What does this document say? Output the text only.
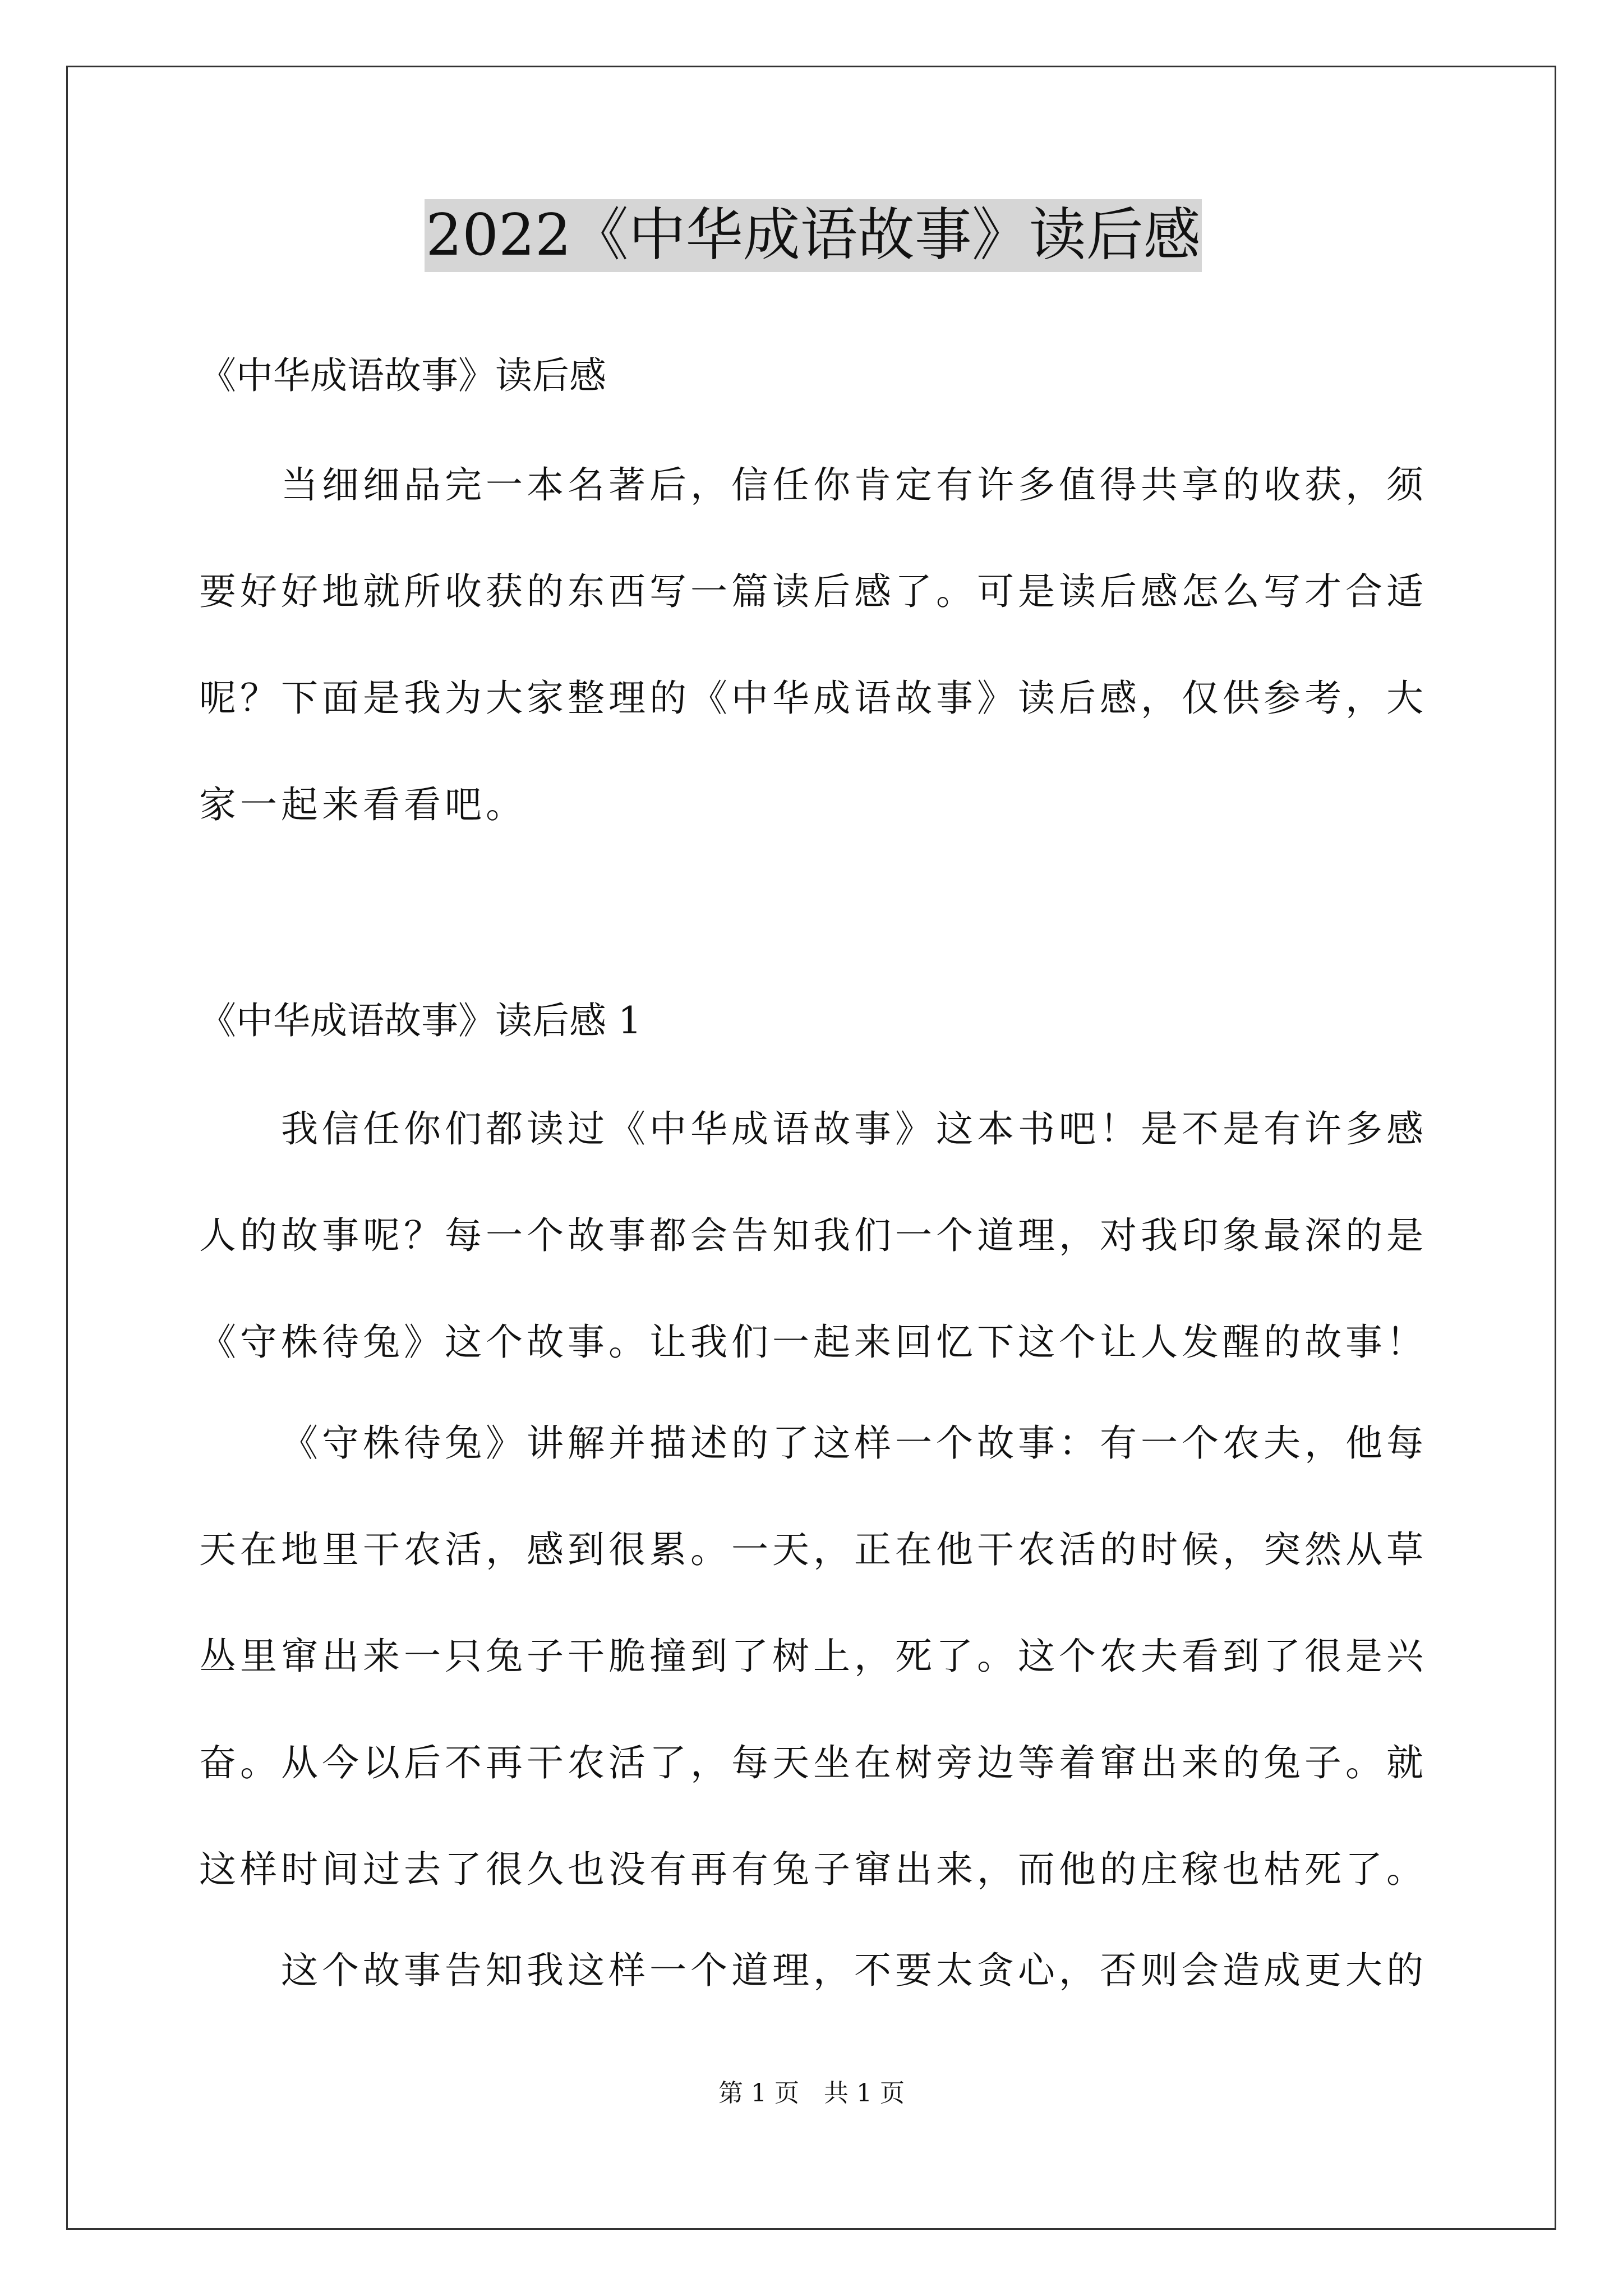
2022《中华成语故事》读后感
《中华成语故事》读后感

当细细品完一本名著后，信任你肯定有许多值得共享的收获，须要好好地就所收获的东西写一篇读后感了。可是读后感怎么写才合适呢？下面是我为大家整理的《中华成语故事》读后感，仅供参考，大家一起来看看吧。

《中华成语故事》读后感 1

我信任你们都读过《中华成语故事》这本书吧！是不是有许多感人的故事呢？每一个故事都会告知我们一个道理，对我印象最深的是《守株待兔》这个故事。让我们一起来回忆下这个让人发醒的故事！

《守株待兔》讲解并描述的了这样一个故事：有一个农夫，他每天在地里干农活，感到很累。一天，正在他干农活的时候，突然从草丛里窜出来一只兔子干脆撞到了树上，死了。这个农夫看到了很是兴奋。从今以后不再干农活了，每天坐在树旁边等着窜出来的兔子。就这样时间过去了很久也没有再有兔子窜出来，而他的庄稼也枯死了。

这个故事告知我这样一个道理，不要太贪心，否则会造成更大的

第 1 页　共 1 页
